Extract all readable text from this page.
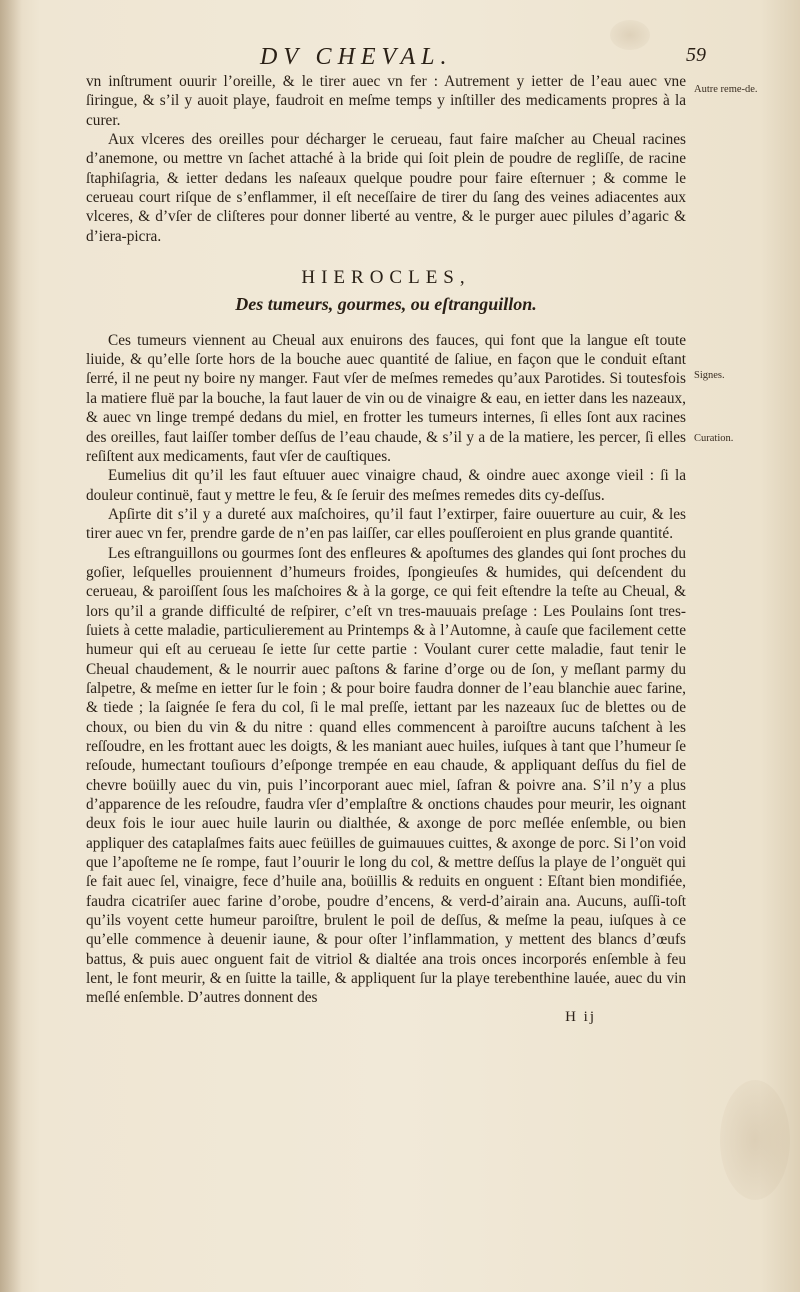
DV CHEVAL.	59
Autre reme-de.
Signes.
Curation.

vn inſtrument ouurir l’oreille, & le tirer auec vn fer : Autrement y ietter de l’eau auec vne ſiringue, & s’il y auoit playe, faudroit en meſme temps y inſtiller des medicaments propres à la curer.

Aux vlceres des oreilles pour décharger le cerueau, faut faire maſcher au Cheual racines d’anemone, ou mettre vn ſachet attaché à la bride qui ſoit plein de poudre de regliſſe, de racine ſtaphiſagria, & ietter dedans les naſeaux quelque poudre pour faire eſternuer ; & comme le cerueau court riſque de s’enflammer, il eſt neceſſaire de tirer du ſang des veines adiacentes aux vlceres, & d’vſer de cliſteres pour donner liberté au ventre, & le purger auec pilules d’agaric & d’iera-picra.

HIEROCLES,
Des tumeurs, gourmes, ou eſtranguillon.

Ces tumeurs viennent au Cheual aux enuirons des fauces, qui font que la langue eſt toute liuide, & qu’elle ſorte hors de la bouche auec quantité de ſaliue, en façon que le conduit eſtant ſerré, il ne peut ny boire ny manger. Faut vſer de meſmes remedes qu’aux Parotides. Si toutesfois la matiere fluë par la bouche, la faut lauer de vin ou de vinaigre & eau, en ietter dans les nazeaux, & auec vn linge trempé dedans du miel, en frotter les tumeurs internes, ſi elles ſont aux racines des oreilles, faut laiſſer tomber deſſus de l’eau chaude, & s’il y a de la matiere, les percer, ſi elles reſiſtent aux medicaments, faut vſer de cauſtiques.

Eumelius dit qu’il les faut eſtuuer auec vinaigre chaud, & oindre auec axonge vieil : ſi la douleur continuë, faut y mettre le feu, & ſe ſeruir des meſmes remedes dits cy-deſſus.

Apſirte dit s’il y a dureté aux maſchoires, qu’il faut l’extirper, faire ouuerture au cuir, & les tirer auec vn fer, prendre garde de n’en pas laiſſer, car elles pouſſeroient en plus grande quantité.

Les eſtranguillons ou gourmes ſont des enfleures & apoſtumes des glandes qui ſont proches du goſier, leſquelles prouiennent d’humeurs froides, ſpongieuſes & humides, qui deſcendent du cerueau, & paroiſſent ſous les maſchoires & à la gorge, ce qui feit eſtendre la teſte au Cheual, & lors qu’il a grande difficulté de reſpirer, c’eſt vn tres-mauuais preſage : Les Poulains ſont tres-ſuiets à cette maladie, particulierement au Printemps & à l’Automne, à cauſe que facilement cette humeur qui eſt au cerueau ſe iette ſur cette partie : Voulant curer cette maladie, faut tenir le Cheual chaudement, & le nourrir auec paſtons & farine d’orge ou de ſon, y meſlant parmy du ſalpetre, & meſme en ietter ſur le foin ; & pour boire faudra donner de l’eau blanchie auec farine, & tiede ; la ſaignée ſe fera du col, ſi le mal preſſe, iettant par les nazeaux ſuc de blettes ou de choux, ou bien du vin & du nitre : quand elles commencent à paroiſtre aucuns taſchent à les reſſoudre, en les frottant auec les doigts, & les maniant auec huiles, iuſques à tant que l’humeur ſe reſoude, humectant touſiours d’eſponge trempée en eau chaude, & appliquant deſſus du fiel de chevre boüilly auec du vin, puis l’incorporant auec miel, ſafran & poivre ana. S’il n’y a plus d’apparence de les reſoudre, faudra vſer d’emplaſtre & onctions chaudes pour meurir, les oignant deux fois le iour auec huile laurin ou dialthée, & axonge de porc meſlée enſemble, ou bien appliquer des cataplaſmes faits auec feüilles de guimauues cuittes, & axonge de porc. Si l’on void que l’apoſteme ne ſe rompe, faut l’ouurir le long du col, & mettre deſſus la playe de l’onguët qui ſe fait auec ſel, vinaigre, fece d’huile ana, boüillis & reduits en onguent : Eſtant bien mondifiée, faudra cicatriſer auec farine d’orobe, poudre d’encens, & verd-d’airain ana. Aucuns, auſſi-toſt qu’ils voyent cette humeur paroiſtre, brulent le poil de deſſus, & meſme la peau, iuſques à ce qu’elle commence à deuenir iaune, & pour oſter l’inflammation, y mettent des blancs d’œufs battus, & puis auec onguent fait de vitriol & dialtée ana trois onces incorporés enſemble à feu lent, le font meurir, & en ſuitte la taille, & appliquent ſur la playe terebenthine lauée, auec du vin meſlé enſemble. D’autres donnent des

H ij
